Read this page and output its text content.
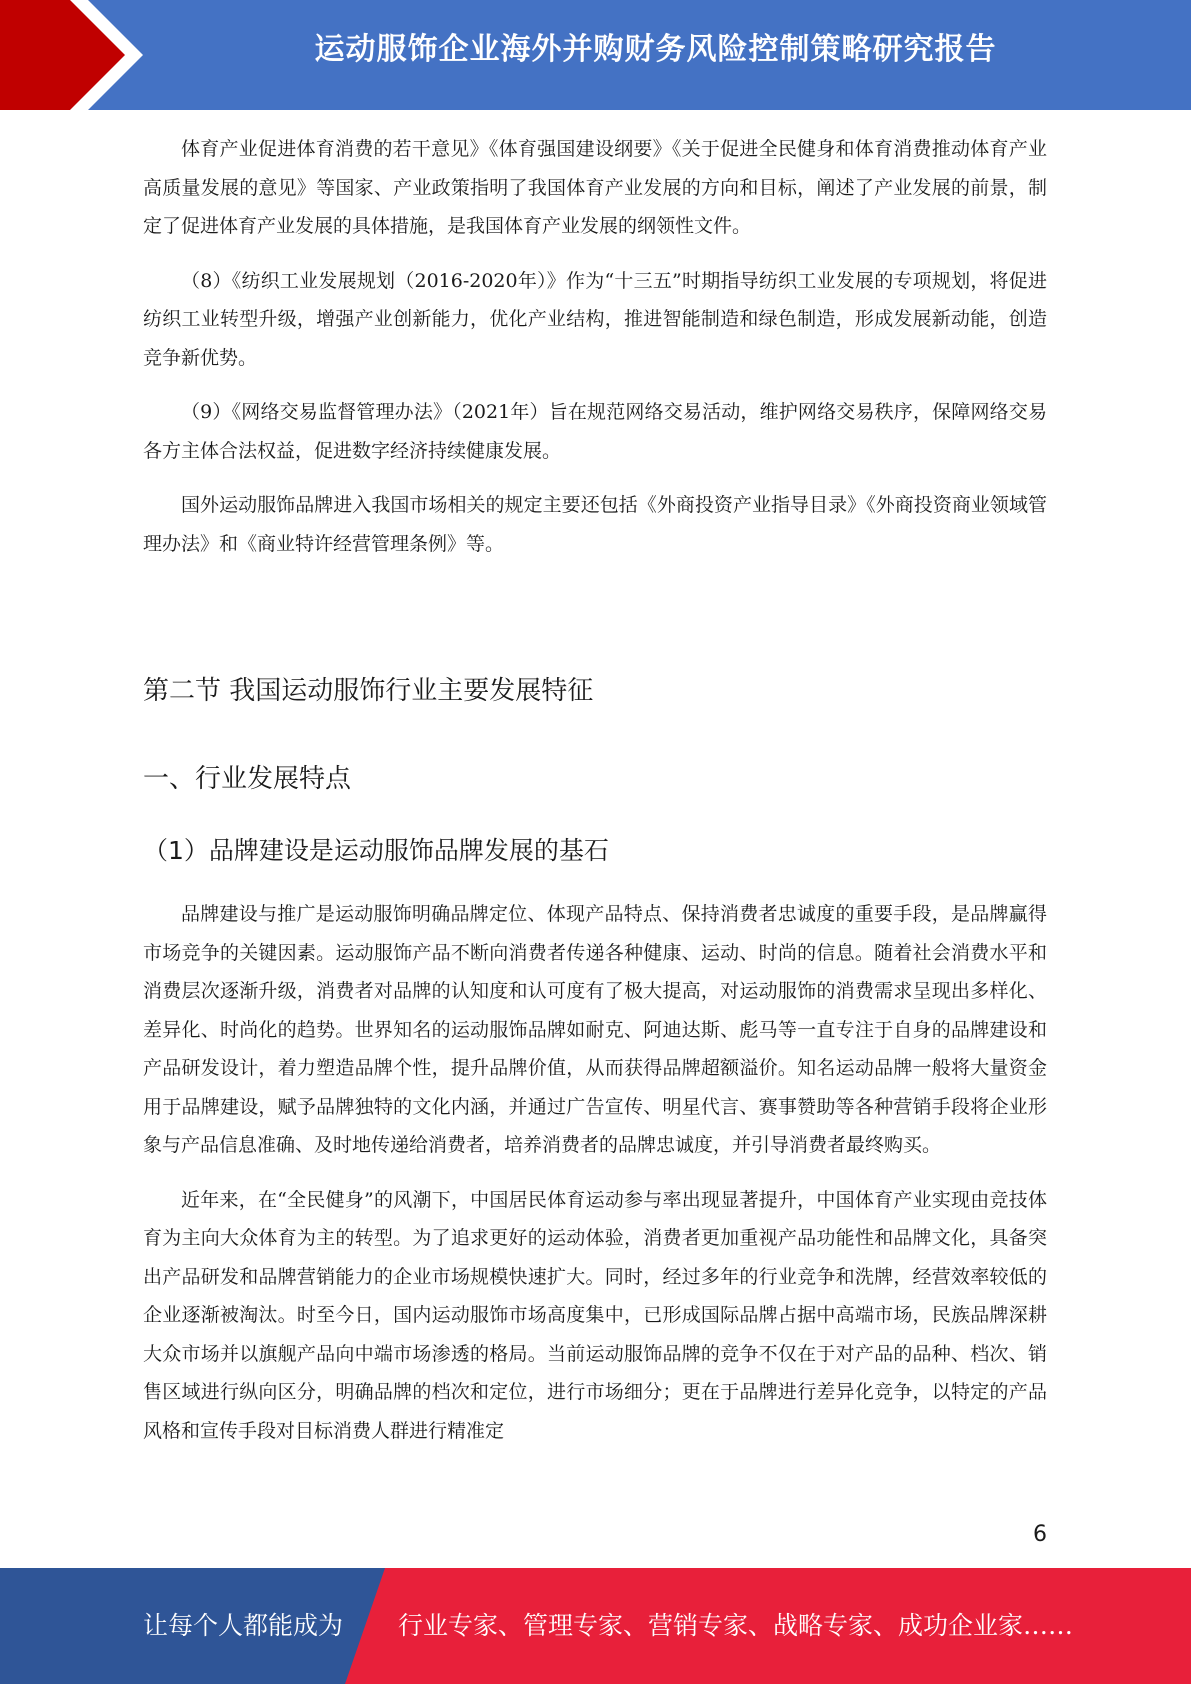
运动服饰企业海外并购财务风险控制策略研究报告

体育产业促进体育消费的若干意见》《体育强国建设纲要》《关于促进全民健身和体育消费推动体育产业高质量发展的意见》等国家、产业政策指明了我国体育产业发展的方向和目标，阐述了产业发展的前景，制定了促进体育产业发展的具体措施，是我国体育产业发展的纲领性文件。

（8）《纺织工业发展规划（2016-2020年）》作为“十三五”时期指导纺织工业发展的专项规划，将促进纺织工业转型升级，增强产业创新能力，优化产业结构，推进智能制造和绿色制造，形成发展新动能，创造竞争新优势。

（9）《网络交易监督管理办法》（2021年）旨在规范网络交易活动，维护网络交易秩序，保障网络交易各方主体合法权益，促进数字经济持续健康发展。

国外运动服饰品牌进入我国市场相关的规定主要还包括《外商投资产业指导目录》《外商投资商业领域管理办法》和《商业特许经营管理条例》等。

第二节 我国运动服饰行业主要发展特征
一、行业发展特点
（1）品牌建设是运动服饰品牌发展的基石

品牌建设与推广是运动服饰明确品牌定位、体现产品特点、保持消费者忠诚度的重要手段，是品牌赢得市场竞争的关键因素。运动服饰产品不断向消费者传递各种健康、运动、时尚的信息。随着社会消费水平和消费层次逐渐升级，消费者对品牌的认知度和认可度有了极大提高，对运动服饰的消费需求呈现出多样化、差异化、时尚化的趋势。世界知名的运动服饰品牌如耐克、阿迪达斯、彪马等一直专注于自身的品牌建设和产品研发设计，着力塑造品牌个性，提升品牌价值，从而获得品牌超额溢价。知名运动品牌一般将大量资金用于品牌建设，赋予品牌独特的文化内涵，并通过广告宣传、明星代言、赛事赞助等各种营销手段将企业形象与产品信息准确、及时地传递给消费者，培养消费者的品牌忠诚度，并引导消费者最终购买。

近年来，在“全民健身”的风潮下，中国居民体育运动参与率出现显著提升，中国体育产业实现由竞技体育为主向大众体育为主的转型。为了追求更好的运动体验，消费者更加重视产品功能性和品牌文化，具备突出产品研发和品牌营销能力的企业市场规模快速扩大。同时，经过多年的行业竞争和洗牌，经营效率较低的企业逐渐被淘汰。时至今日，国内运动服饰市场高度集中，已形成国际品牌占据中高端市场，民族品牌深耕大众市场并以旗舰产品向中端市场渗透的格局。当前运动服饰品牌的竞争不仅在于对产品的品种、档次、销售区域进行纵向区分，明确品牌的档次和定位，进行市场细分；更在于品牌进行差异化竞争，以特定的产品风格和宣传手段对目标消费人群进行精准定

6
让每个人都能成为 行业专家、管理专家、营销专家、战略专家、成功企业家……
